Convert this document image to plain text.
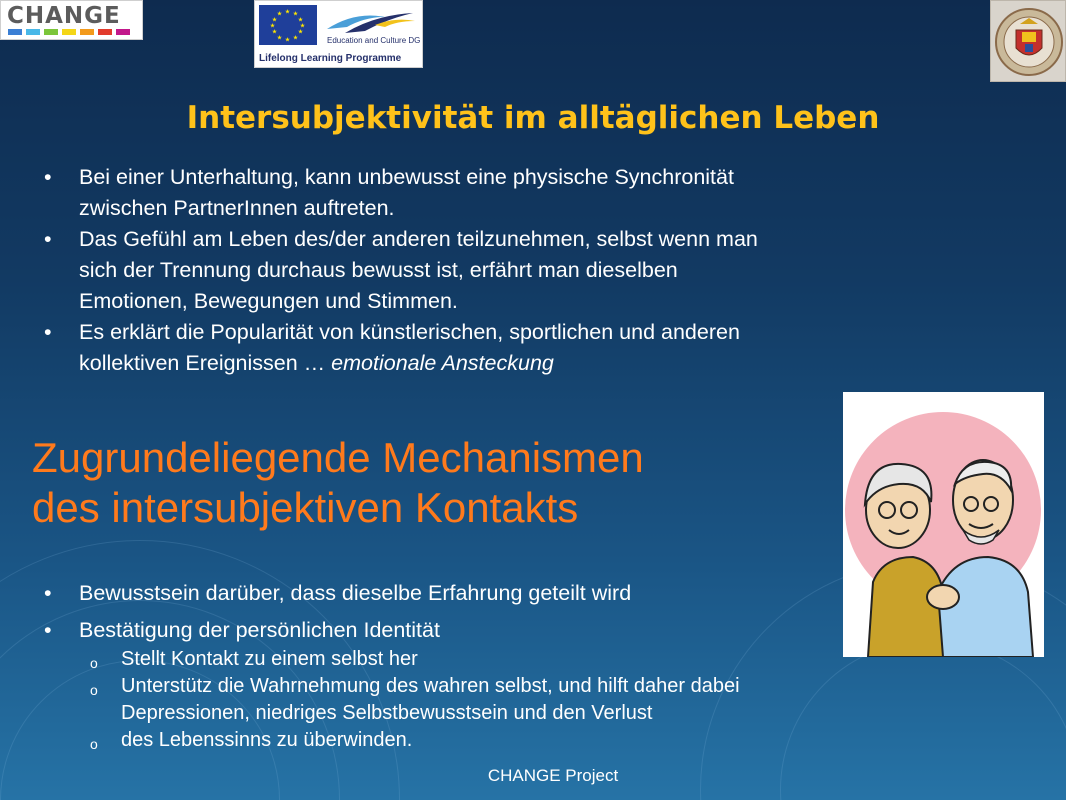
CHANGE
Education and Culture DG
Lifelong Learning Programme
Intersubjektivität im alltäglichen Leben
• Bei einer Unterhaltung, kann unbewusst eine physische Synchronität
zwischen PartnerInnen auftreten.
• Das Gefühl am Leben des/der anderen teilzunehmen, selbst wenn man
sich der Trennung durchaus bewusst ist, erfährt man dieselben
Emotionen, Bewegungen und Stimmen.
• Es erklärt die Popularität von künstlerischen, sportlichen und anderen
kollektiven Ereignissen … emotionale Ansteckung
Zugrundeliegende Mechanismen
des intersubjektiven Kontakts
• Bewusstsein darüber, dass dieselbe Erfahrung geteilt wird
• Bestätigung der persönlichen Identität
o Stellt Kontakt zu einem selbst her
o Unterstütz die Wahrnehmung des wahren selbst, und hilft daher dabei
Depressionen, niedriges Selbstbewusstsein und den Verlust
o des Lebenssinns zu überwinden.
CHANGE Project
